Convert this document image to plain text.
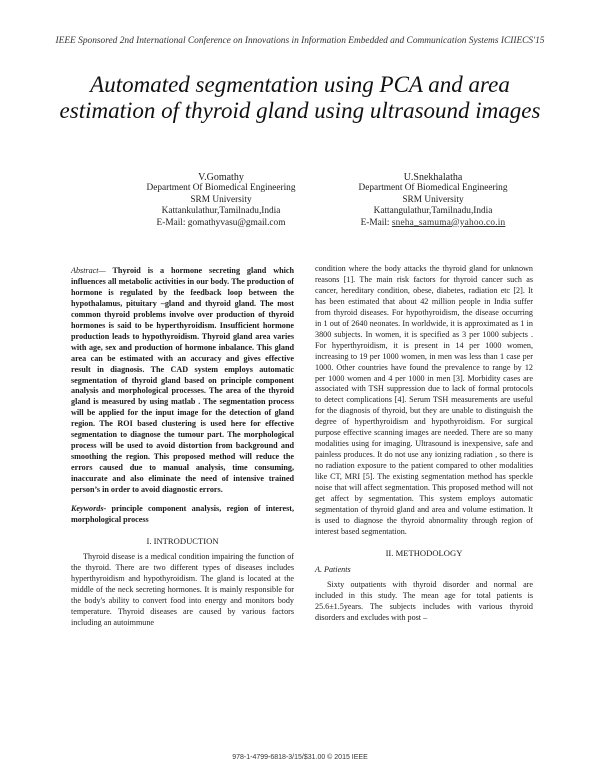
IEEE Sponsored 2nd International Conference on Innovations in Information Embedded and Communication Systems ICIIECS'15
Automated segmentation using PCA and area estimation of thyroid gland using ultrasound images
V.Gomathy
Department Of Biomedical Engineering
SRM University
Kattankulathur,Tamilnadu,India
E-Mail: gomathyvasu@gmail.com
U.Snekhalatha
Department Of Biomedical Engineering
SRM University
Kattangulathur,Tamilnadu,India
E-Mail: sneha_samuma@yahoo.co.in

Abstract— Thyroid is a hormone secreting gland which influences all metabolic activities in our body. The production of hormone is regulated by the feedback loop between the hypothalamus, pituitary –gland and thyroid gland. The most common thyroid problems involve over production of thyroid hormones is said to be hyperthyroidism. Insufficient hormone production leads to hypothyroidism. Thyroid gland area varies with age, sex and production of hormone inbalance. This gland area can be estimated with an accuracy and gives effective result in diagnosis. The CAD system employs automatic segmentation of thyroid gland based on principle component analysis and morphological processes. The area of the thyroid gland is measured by using matlab . The segmentation process will be applied for the input image for the detection of gland region. The ROI based clustering is used here for effective segmentation to diagnose the tumour part. The morphological process will be used to avoid distortion from background and smoothing the region. This proposed method will reduce the errors caused due to manual analysis, time consuming, inaccurate and also eliminate the need of intensive trained person’s in order to avoid diagnostic errors.

Keywords- principle component analysis, region of interest, morphological process

I. INTRODUCTION

Thyroid disease is a medical condition impairing the function of the thyroid. There are two different types of diseases includes hyperthyroidism and hypothyroidism. The gland is located at the middle of the neck secreting hormones. It is mainly responsible for the body's ability to convert food into energy and monitors body temperature. Thyroid diseases are caused by various factors including an autoimmune

condition where the body attacks the thyroid gland for unknown reasons [1]. The main risk factors for thyroid cancer such as cancer, hereditary condition, obese, diabetes, radiation etc [2]. It has been estimated that about 42 million people in India suffer from thyroid diseases. For hypothyroidism, the disease occurring in 1 out of 2640 neonates. In worldwide, it is approximated as 1 in 3800 subjects. In women, it is specified as 3 per 1000 subjects . For hyperthyroidism, it is present in 14 per 1000 women, increasing to 19 per 1000 women, in men was less than 1 case per 1000. Other countries have found the prevalence to range by 12 per 1000 women and 4 per 1000 in men [3]. Morbidity cases are associated with TSH suppression due to lack of formal protocols to detect complications [4]. Serum TSH measurements are useful for the diagnosis of thyroid, but they are unable to distinguish the degree of hyperthyroidism and hypothyroidism. For surgical purpose effective scanning images are needed. There are so many modalities using for imaging. Ultrasound is inexpensive, safe and painless produces. It do not use any ionizing radiation , so there is no radiation exposure to the patient compared to other modalities like CT, MRI [5]. The existing segmentation method has speckle noise that will affect segmentation. This proposed method will not get affect by segmentation. This system employs automatic segmentation of thyroid gland and area and volume estimation. It is used to diagnose the thyroid abnormality through region of interest based segmentation.

II. METHODOLOGY

A. Patients

Sixty outpatients with thyroid disorder and normal are included in this study. The mean age for total patients is 25.6±1.5years. The subjects includes with various thyroid disorders and excludes with post –

978-1-4799-6818-3/15/$31.00 © 2015 IEEE
